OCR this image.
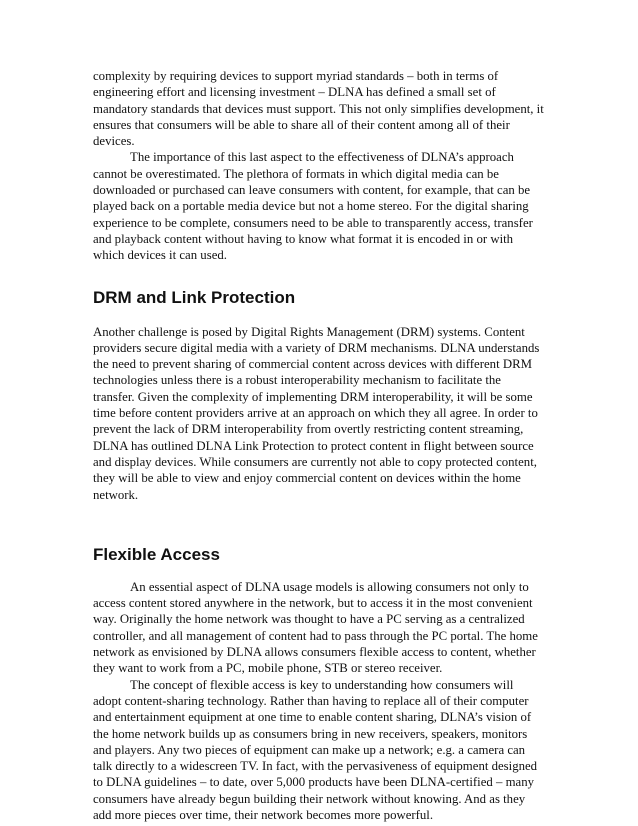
complexity by requiring devices to support myriad standards – both in terms of engineering effort and licensing investment – DLNA has defined a small set of mandatory standards that devices must support. This not only simplifies development, it ensures that consumers will be able to share all of their content among all of their devices.

The importance of this last aspect to the effectiveness of DLNA’s approach cannot be overestimated. The plethora of formats in which digital media can be downloaded or purchased can leave consumers with content, for example, that can be played back on a portable media device but not a home stereo. For the digital sharing experience to be complete, consumers need to be able to transparently access, transfer and playback content without having to know what format it is encoded in or with which devices it can used.

DRM and Link Protection

Another challenge is posed by Digital Rights Management (DRM) systems. Content providers secure digital media with a variety of DRM mechanisms. DLNA understands the need to prevent sharing of commercial content across devices with different DRM technologies unless there is a robust interoperability mechanism to facilitate the transfer. Given the complexity of implementing DRM interoperability, it will be some time before content providers arrive at an approach on which they all agree. In order to prevent the lack of DRM interoperability from overtly restricting content streaming, DLNA has outlined DLNA Link Protection to protect content in flight between source and display devices. While consumers are currently not able to copy protected content, they will be able to view and enjoy commercial content on devices within the home network.

Flexible Access

An essential aspect of DLNA usage models is allowing consumers not only to access content stored anywhere in the network, but to access it in the most convenient way. Originally the home network was thought to have a PC serving as a centralized controller, and all management of content had to pass through the PC portal. The home network as envisioned by DLNA allows consumers flexible access to content, whether they want to work from a PC, mobile phone, STB or stereo receiver.

The concept of flexible access is key to understanding how consumers will adopt content-sharing technology. Rather than having to replace all of their computer and entertainment equipment at one time to enable content sharing, DLNA’s vision of the home network builds up as consumers bring in new receivers, speakers, monitors and players. Any two pieces of equipment can make up a network; e.g. a camera can talk directly to a widescreen TV. In fact, with the pervasiveness of equipment designed to DLNA guidelines – to date, over 5,000 products have been DLNA-certified – many consumers have already begun building their network without knowing. And as they add more pieces over time, their network becomes more powerful.
